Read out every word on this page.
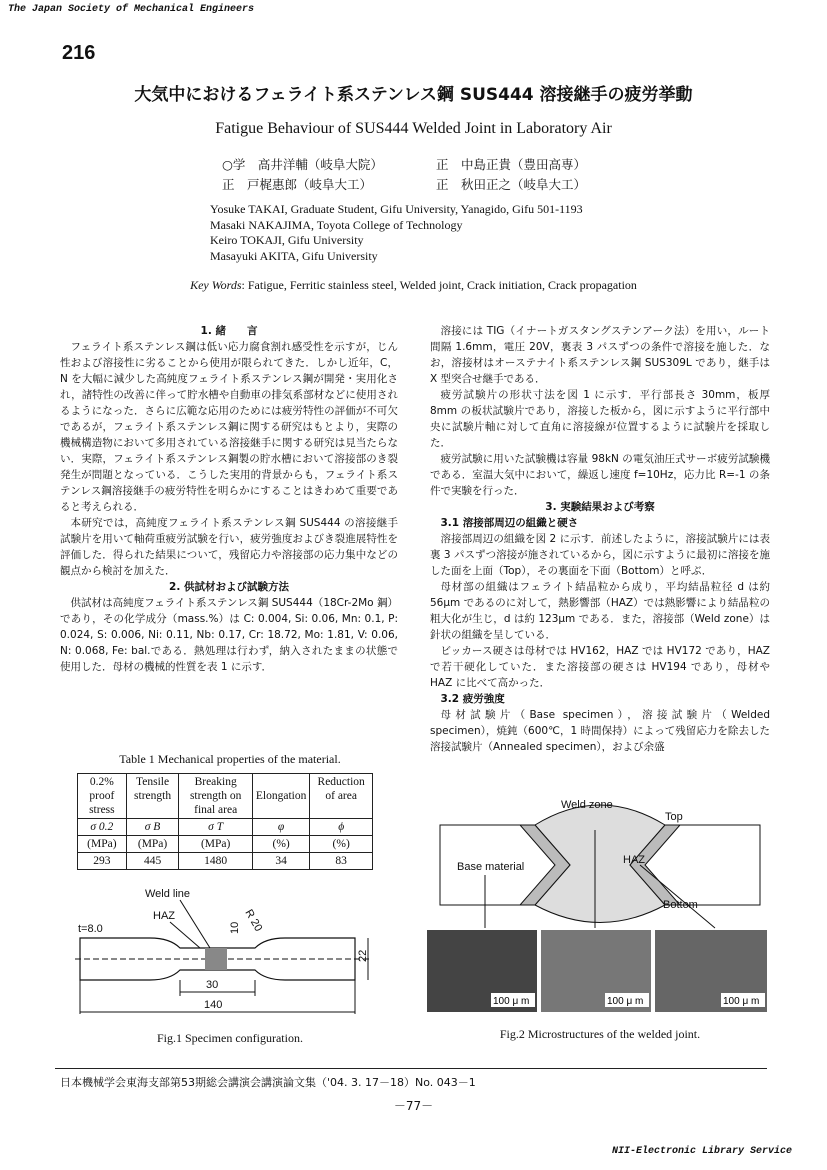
The Japan Society of Mechanical Engineers
216
大気中におけるフェライト系ステンレス鋼 SUS444 溶接継手の疲労挙動
Fatigue Behaviour of SUS444 Welded Joint in Laboratory Air
○学　高井洋輔（岐阜大院）	正　中島正貴（豊田高専）
正　戸梶惠郎（岐阜大工）	正　秋田正之（岐阜大工）
Yosuke TAKAI, Graduate Student, Gifu University, Yanagido, Gifu 501-1193
Masaki NAKAJIMA, Toyota College of Technology
Keiro TOKAJI, Gifu University
Masayuki AKITA, Gifu University
Key Words: Fatigue, Ferritic stainless steel, Welded joint, Crack initiation, Crack propagation

1. 緒　　言

フェライト系ステンレス鋼は低い応力腐食割れ感受性を示すが，じん性および溶接性に劣ることから使用が限られてきた．しかし近年，C，N を大幅に減少した高純度フェライト系ステンレス鋼が開発・実用化され，諸特性の改善に伴って貯水槽や自動車の排気系部材などに使用されるようになった．さらに広範な応用のためには疲労特性の評価が不可欠であるが，フェライト系ステンレス鋼に関する研究はもとより，実際の機械構造物において多用されている溶接継手に関する研究は見当たらない．実際，フェライト系ステンレス鋼製の貯水槽において溶接部のき裂発生が問題となっている．こうした実用的背景からも，フェライト系ステンレス鋼溶接継手の疲労特性を明らかにすることはきわめて重要であると考えられる．

本研究では，高純度フェライト系ステンレス鋼 SUS444 の溶接継手試験片を用いて軸荷重疲労試験を行い，疲労強度およびき裂進展特性を評価した．得られた結果について，残留応力や溶接部の応力集中などの観点から検討を加えた．

2. 供試材および試験方法

供試材は高純度フェライト系ステンレス鋼 SUS444（18Cr-2Mo 鋼）であり，その化学成分（mass.%）は C: 0.004, Si: 0.06, Mn: 0.1, P: 0.024, S: 0.006, Ni: 0.11, Nb: 0.17, Cr: 18.72, Mo: 1.81, V: 0.06, N: 0.068, Fe: bal.である．熱処理は行わず，納入されたままの状態で使用した．母材の機械的性質を表 1 に示す．

Table 1 Mechanical properties of the material.
0.2% proof stress	Tensile strength	Breaking strength on final area	Elongation	Reduction of area
σ 0.2	σ B	σ T	φ	ϕ
(MPa)	(MPa)	(MPa)	(%)	(%)
293	445	1480	34	83
Weld line
HAZ
t=8.0	10 R 20
22
30
140
Fig.1 Specimen configuration.

溶接には TIG（イナートガスタングステンアーク法）を用い，ルート間隔 1.6mm，電圧 20V，裏表 3 パスずつの条件で溶接を施した．なお，溶接材はオーステナイト系ステンレス鋼 SUS309L であり，継手は X 型突合せ継手である．

疲労試験片の形状寸法を図 1 に示す．平行部長さ 30mm，板厚 8mm の板状試験片であり，溶接した板から，図に示すように平行部中央に試験片軸に対して直角に溶接線が位置するように試験片を採取した．

疲労試験に用いた試験機は容量 98kN の電気油圧式サーボ疲労試験機である．室温大気中において，繰返し速度 f=10Hz，応力比 R=-1 の条件で実験を行った．

3. 実験結果および考察

3.1 溶接部周辺の組織と硬さ

溶接部周辺の組織を図 2 に示す．前述したように，溶接試験片には表裏 3 パスずつ溶接が施されているから，図に示すように最初に溶接を施した面を上面（Top），その裏面を下面（Bottom）と呼ぶ．

母材部の組織はフェライト結晶粒から成り，平均結晶粒径 d は約 56μm であるのに対して，熱影響部（HAZ）では熱影響により結晶粒の粗大化が生じ，d は約 123μm である．また，溶接部（Weld zone）は針状の組織を呈している．

ビッカース硬さは母材では HV162，HAZ では HV172 であり，HAZ で若干硬化していた．また溶接部の硬さは HV194 であり，母材や HAZ に比べて高かった．

3.2 疲労強度

母材試験片（Base specimen），溶接試験片（Welded specimen），焼鈍（600℃，1 時間保持）によって残留応力を除去した溶接試験片（Annealed specimen），および余盛

Weld zone
Top
HAZ
Base material
Bottom
100 μ m	100 μ m	100 μ m
Fig.2 Microstructures of the welded joint.
日本機械学会東海支部第53期総会講演会講演論文集（'04. 3. 17－18）No. 043－1
－77－
NII-Electronic Library Service
